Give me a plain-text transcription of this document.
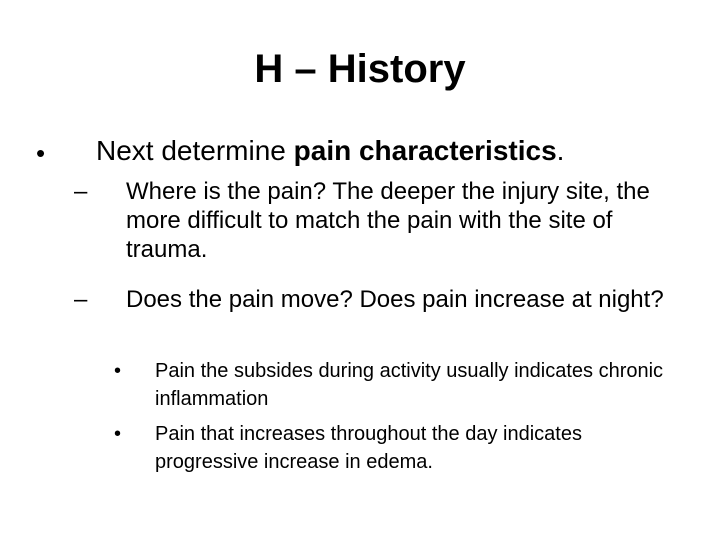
H – History
• Next determine pain characteristics.
– Where is the pain? The deeper the injury site, the more difficult to match the pain with the site of trauma.
– Does the pain move? Does pain increase at night?
• Pain the subsides during activity usually indicates chronic inflammation
• Pain that increases throughout the day indicates progressive increase in edema.
